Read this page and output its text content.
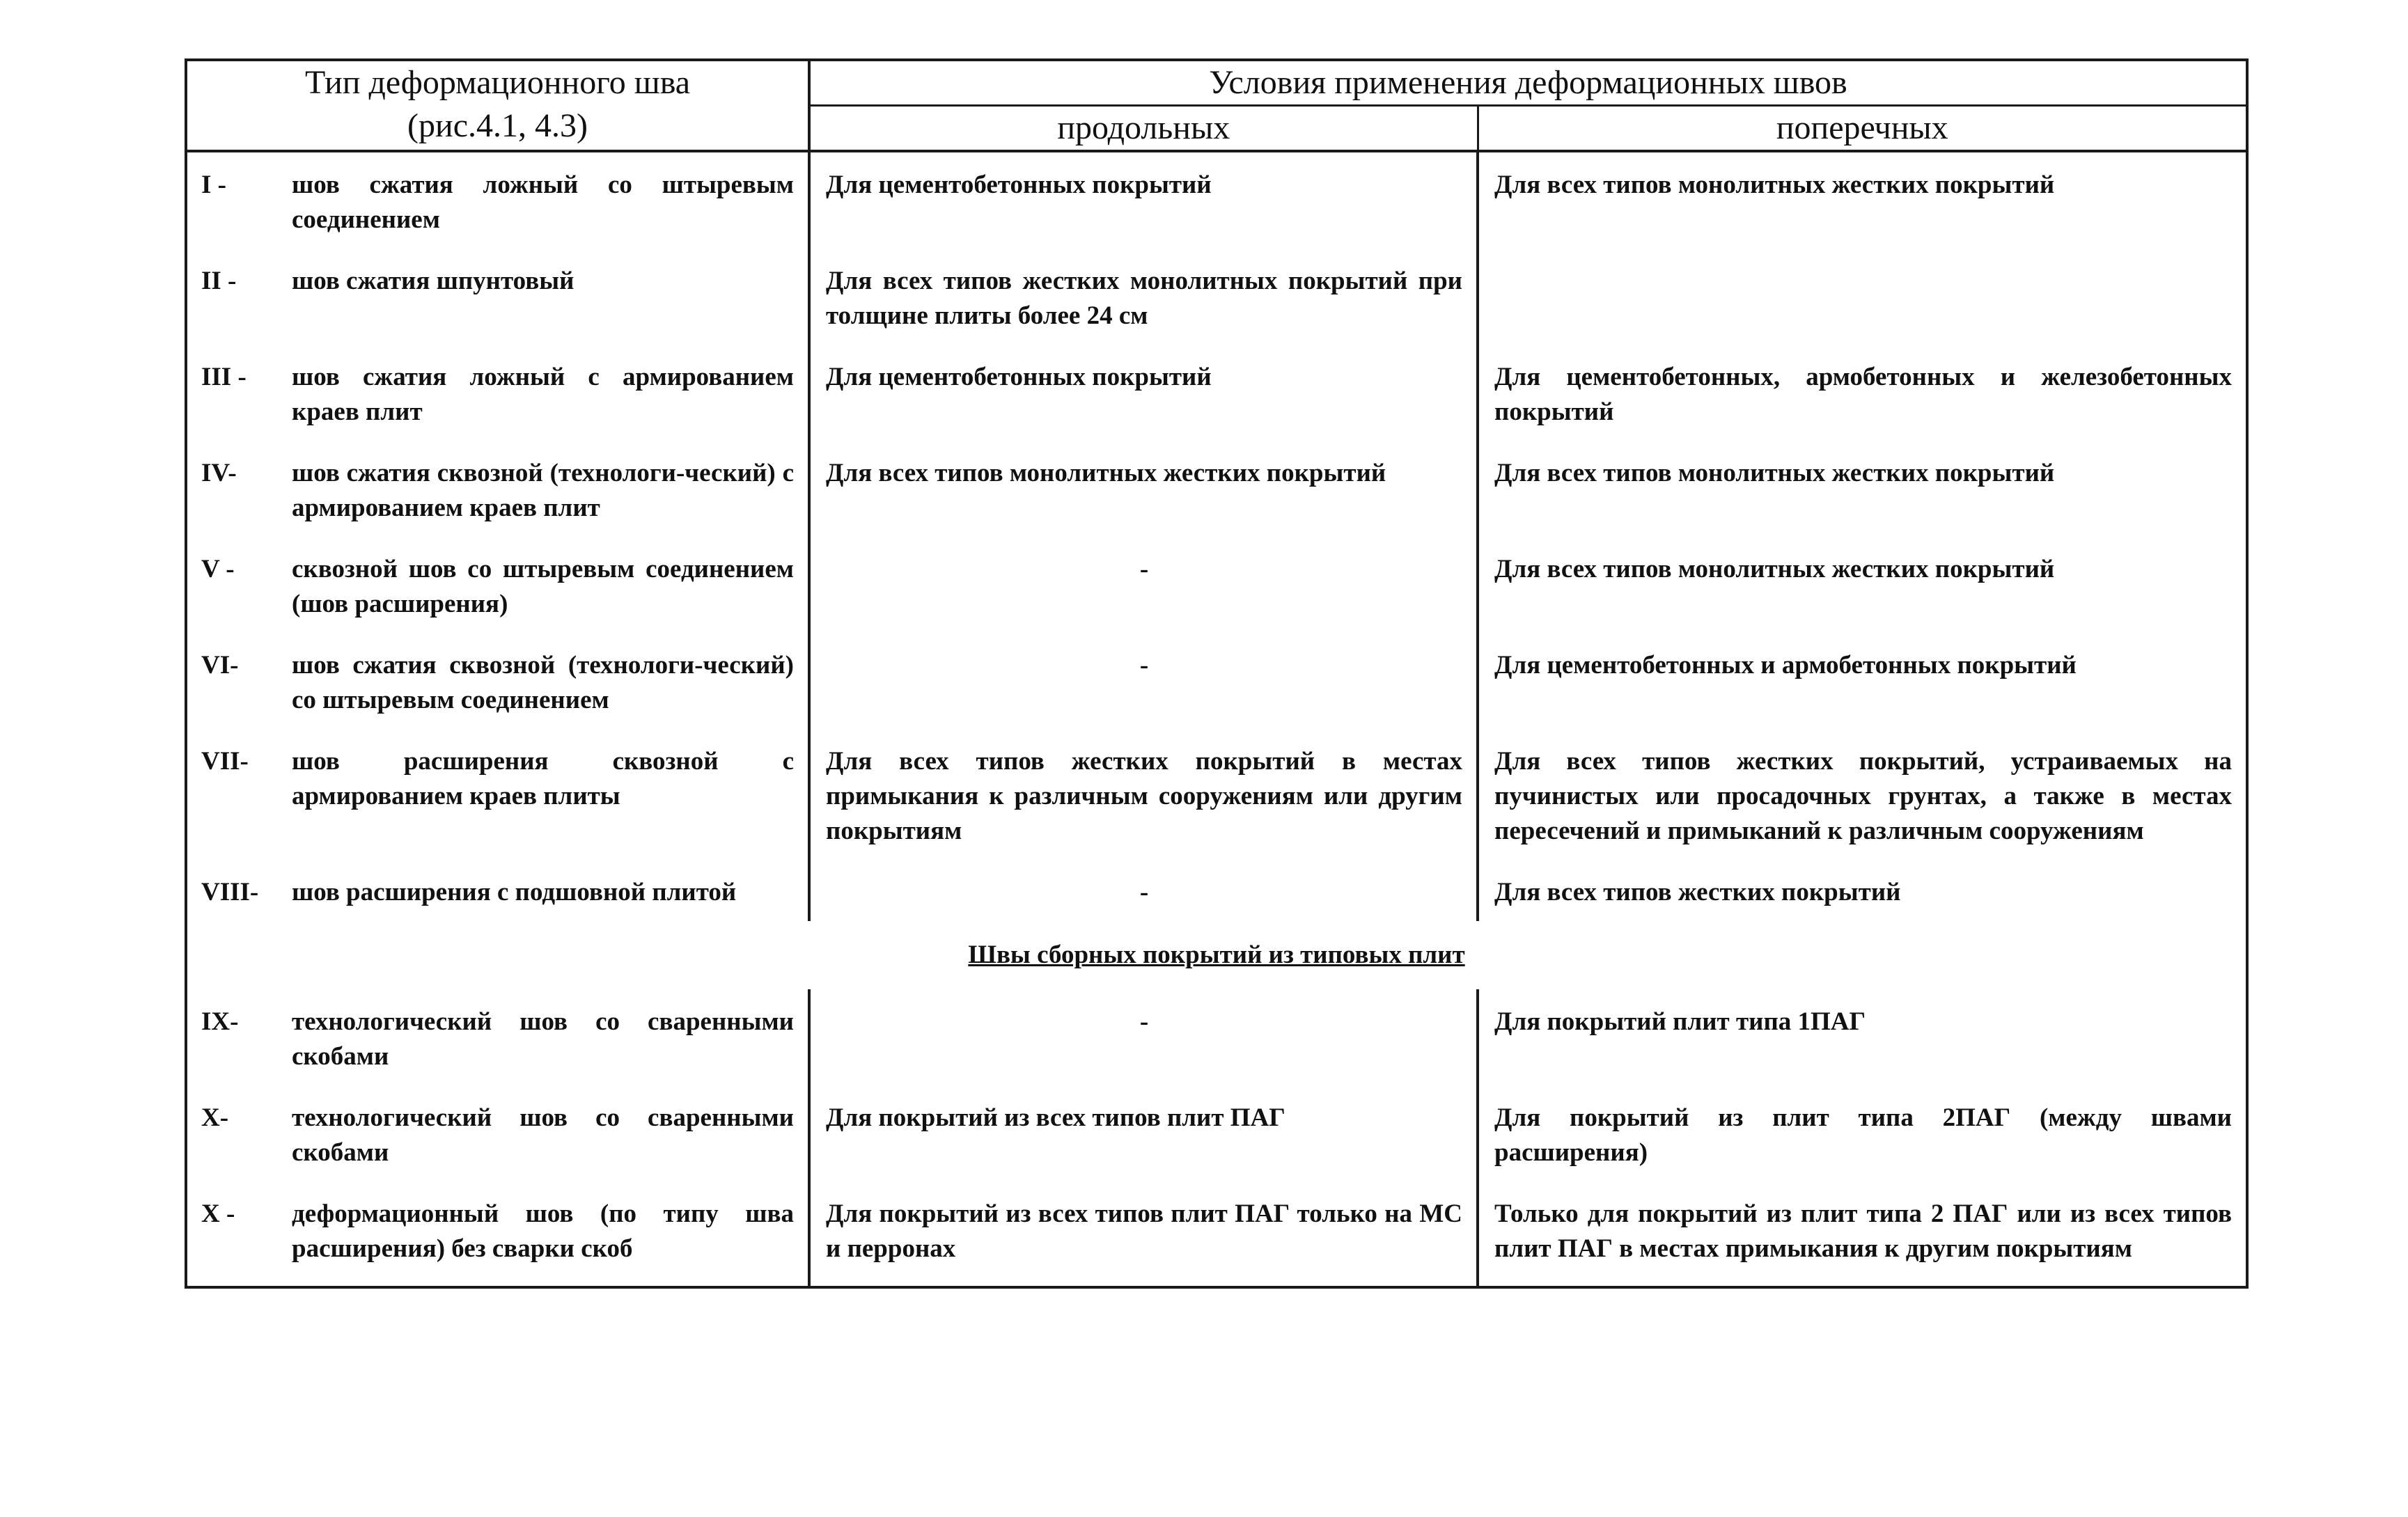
Тип деформационного шва
(рис.4.1, 4.3)	Условия применения деформационных швов	
	продольных	поперечных

I - шов сжатия ложный со штыревым соединением	Для цементобетонных покрытий	Для всех типов монолитных жестких покрытий

II - шов сжатия шпунтовый	Для всех типов жестких монолитных покрытий при толщине плиты более 24 см	

III - шов сжатия ложный с армированием краев плит	Для цементобетонных покрытий	Для цементобетонных, армобетонных и железобетонных покрытий

IV- шов сжатия сквозной (технологи-ческий) с армированием краев плит	Для всех типов монолитных жестких покрытий	Для всех типов монолитных жестких покрытий

V - сквозной шов со штыревым соединением (шов расширения)	-	Для всех типов монолитных жестких покрытий

VI- шов сжатия сквозной (технологи-ческий) со штыревым соединением	-	Для цементобетонных и армобетонных покрытий

VII- шов расширения сквозной с армированием краев плиты	Для всех типов жестких покрытий в местах примыкания к различным сооружениям или другим покрытиям	Для всех типов жестких покрытий, устраиваемых на пучинистых или просадочных грунтах, а также в местах пересечений и примыканий к различным сооружениям

VIII- шов расширения с подшовной плитой	-	Для всех типов жестких покрытий

Швы сборных покрытий из типовых плит		

IX- технологический шов со сваренными скобами	-	Для покрытий плит типа 1ПАГ

X- технологический шов со сваренными скобами	Для покрытий из всех типов плит ПАГ	Для покрытий из плит типа 2ПАГ (между швами расширения)

X - деформационный шов (по типу шва расширения) без сварки скоб	Для покрытий из всех типов плит ПАГ только на МС и перронах	Только для покрытий из плит типа 2 ПАГ или из всех типов плит ПАГ в местах примыкания к другим покрытиям
